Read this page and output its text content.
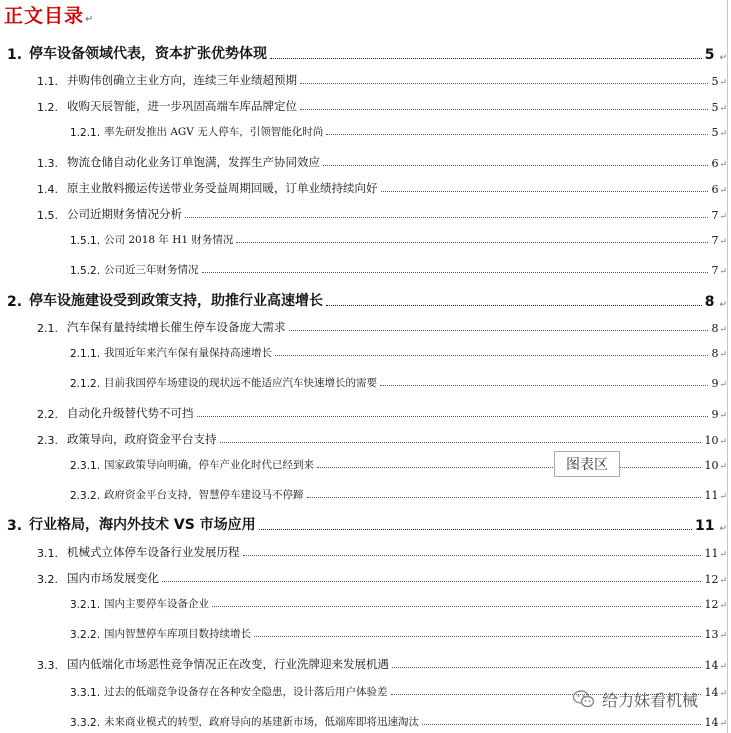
正文目录↵
1. 停车设备领域代表，资本扩张优势体现	5 ↵
1.1. 并购伟创确立主业方向，连续三年业绩超预期	5 ↵
1.2. 收购天辰智能，进一步巩固高端车库品牌定位	5 ↵
1.2.1. 率先研发推出 AGV 无人停车，引领智能化时尚	5 ↵
1.3. 物流仓储自动化业务订单饱满，发挥生产协同效应	6 ↵
1.4. 原主业散料搬运传送带业务受益周期回暖，订单业绩持续向好	6 ↵
1.5. 公司近期财务情况分析	7 ↵
1.5.1. 公司 2018 年 H1 财务情况	7 ↵
1.5.2. 公司近三年财务情况	7 ↵
2. 停车设施建设受到政策支持，助推行业高速增长	8 ↵
2.1. 汽车保有量持续增长催生停车设备庞大需求	8 ↵
2.1.1. 我国近年来汽车保有量保持高速增长	8 ↵
2.1.2. 目前我国停车场建设的现状远不能适应汽车快速增长的需要	9 ↵
2.2. 自动化升级替代势不可挡	9 ↵
2.3. 政策导向，政府资金平台支持	10 ↵
2.3.1. 国家政策导向明确，停车产业化时代已经到来	10 ↵
2.3.2. 政府资金平台支持，智慧停车建设马不停蹄	11 ↵
3. 行业格局，海内外技术 VS 市场应用	11 ↵
3.1. 机械式立体停车设备行业发展历程	11 ↵
3.2. 国内市场发展变化	12 ↵
3.2.1. 国内主要停车设备企业	12 ↵
3.2.2. 国内智慧停车库项目数持续增长	13 ↵
3.3. 国内低端化市场恶性竞争情况正在改变，行业洗牌迎来发展机遇	14 ↵
3.3.1. 过去的低端竞争设备存在各种安全隐患，设计落后用户体验差	14 ↵
3.3.2. 未来商业模式的转型，政府导向的基建新市场，低端库即将迅速淘汰	14 ↵
图表区
给力妹看机械
